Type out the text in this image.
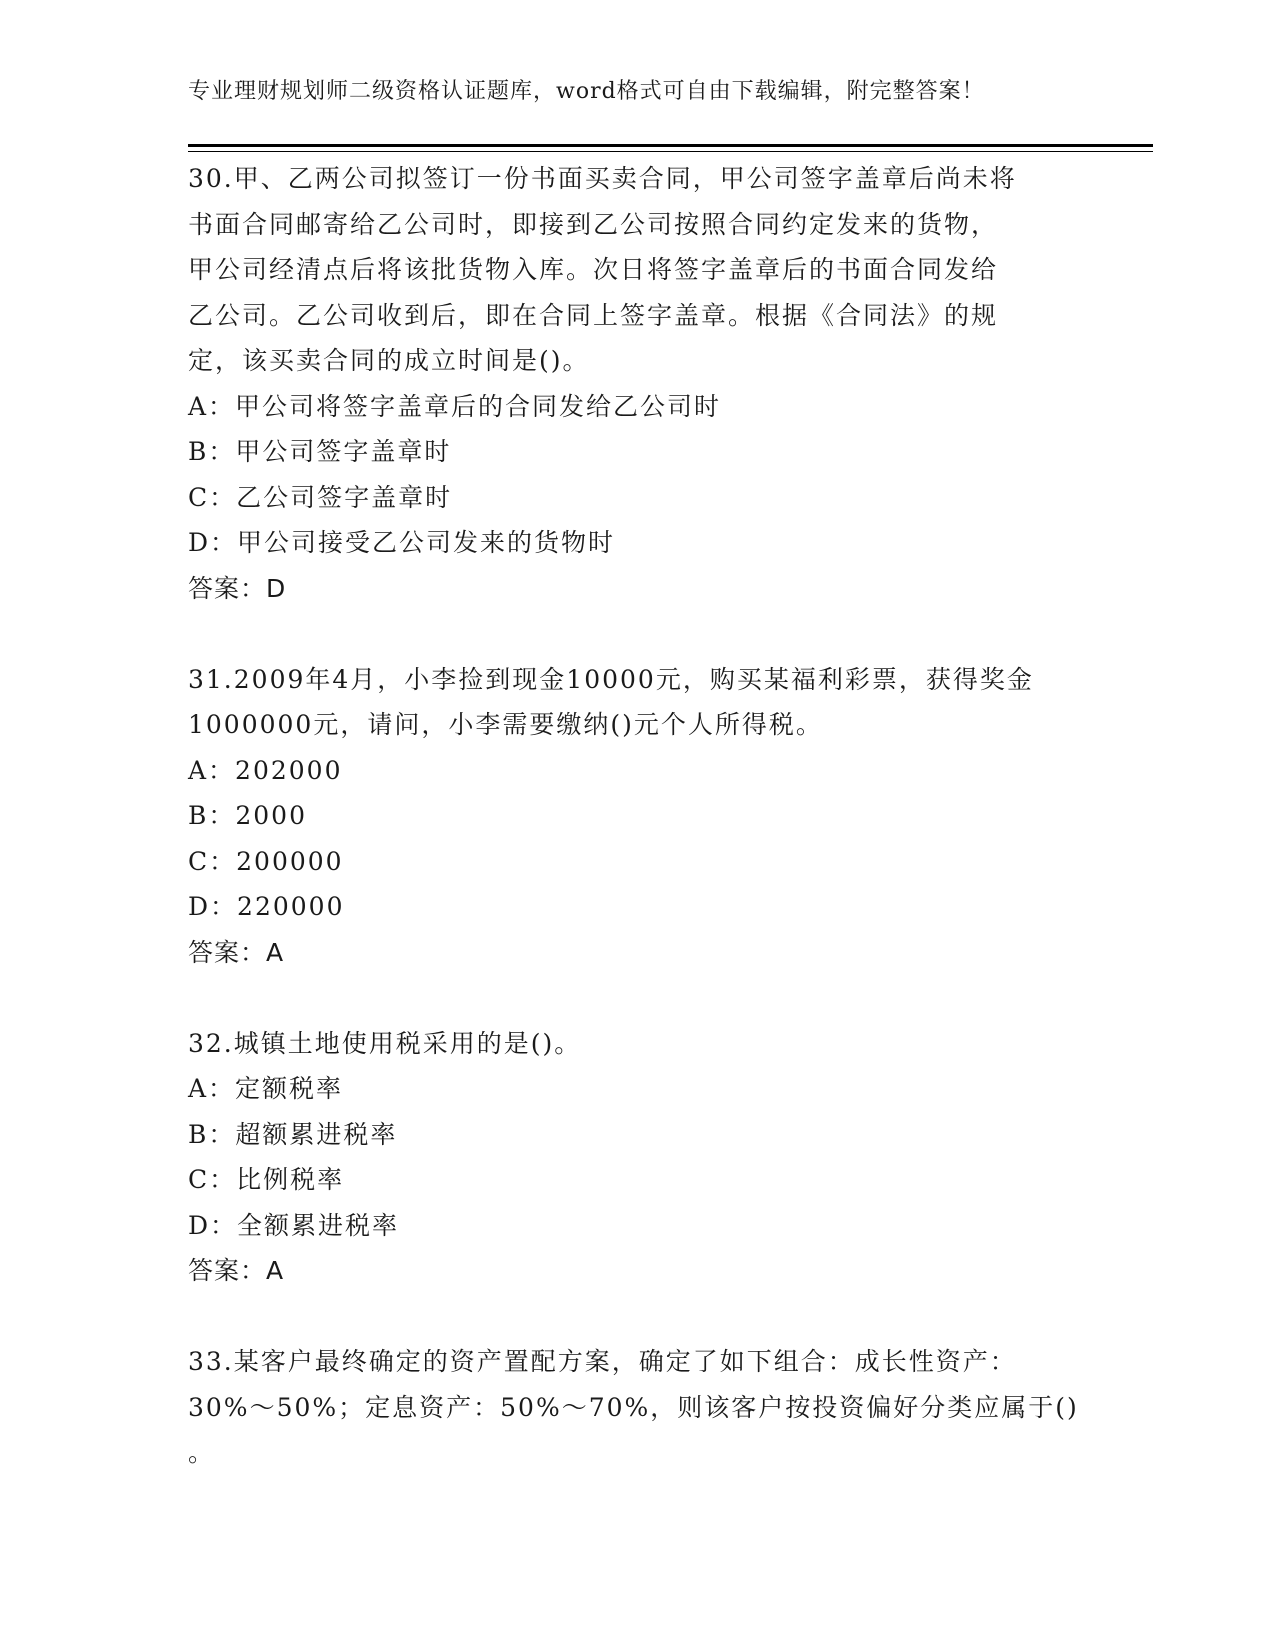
专业理财规划师二级资格认证题库，word格式可自由下载编辑，附完整答案！

30.甲、乙两公司拟签订一份书面买卖合同，甲公司签字盖章后尚未将

书面合同邮寄给乙公司时，即接到乙公司按照合同约定发来的货物，

甲公司经清点后将该批货物入库。次日将签字盖章后的书面合同发给

乙公司。乙公司收到后，即在合同上签字盖章。根据《合同法》的规

定，该买卖合同的成立时间是()。

A：甲公司将签字盖章后的合同发给乙公司时

B：甲公司签字盖章时

C：乙公司签字盖章时

D：甲公司接受乙公司发来的货物时

答案：D

31.2009年4月，小李捡到现金10000元，购买某福利彩票，获得奖金

1000000元，请问，小李需要缴纳()元个人所得税。

A：202000

B：2000

C：200000

D：220000

答案：A

32.城镇土地使用税采用的是()。

A：定额税率

B：超额累进税率

C：比例税率

D：全额累进税率

答案：A

33.某客户最终确定的资产置配方案，确定了如下组合：成长性资产：

30%～50%；定息资产：50%～70%，则该客户按投资偏好分类应属于()

。
